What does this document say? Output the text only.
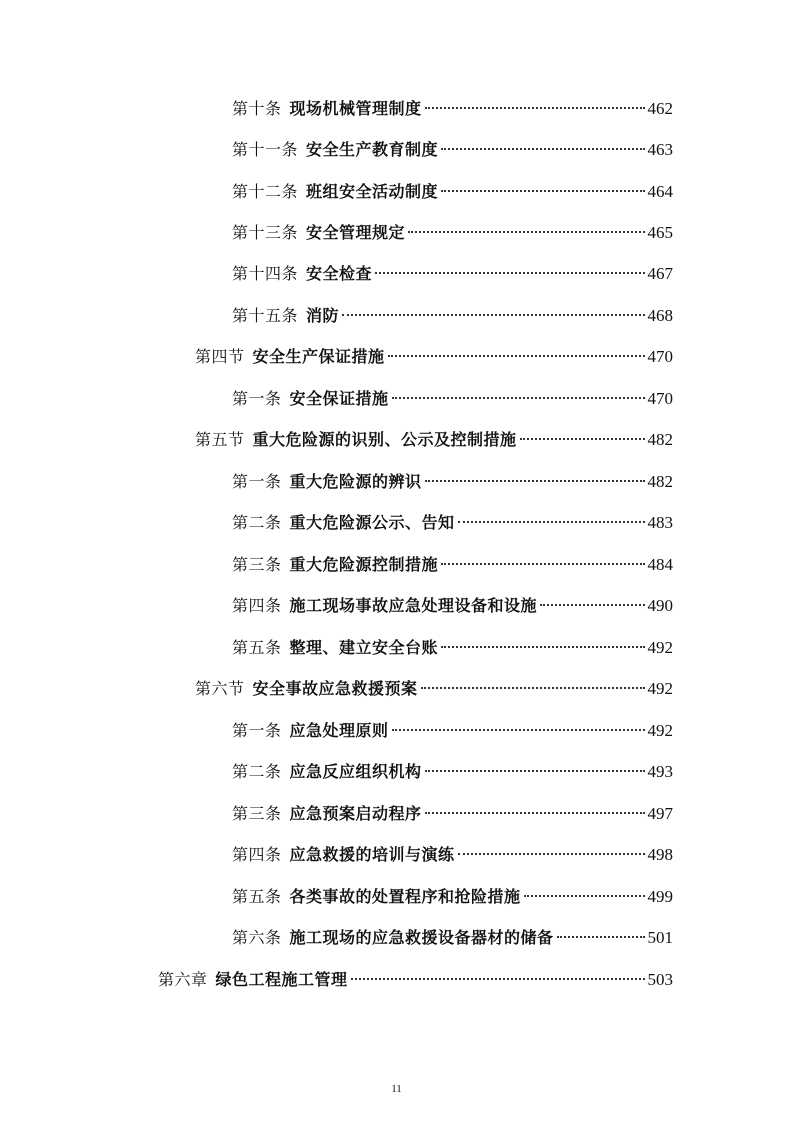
第十条 现场机械管理制度	462
第十一条 安全生产教育制度	463
第十二条 班组安全活动制度	464
第十三条 安全管理规定	465
第十四条 安全检查	467
第十五条 消防	468
第四节 安全生产保证措施	470
第一条 安全保证措施	470
第五节 重大危险源的识别、公示及控制措施	482
第一条 重大危险源的辨识	482
第二条 重大危险源公示、告知	483
第三条 重大危险源控制措施	484
第四条 施工现场事故应急处理设备和设施	490
第五条 整理、建立安全台账	492
第六节 安全事故应急救援预案	492
第一条 应急处理原则	492
第二条 应急反应组织机构	493
第三条 应急预案启动程序	497
第四条 应急救援的培训与演练	498
第五条 各类事故的处置程序和抢险措施	499
第六条 施工现场的应急救援设备器材的储备	501
第六章 绿色工程施工管理	503
11
